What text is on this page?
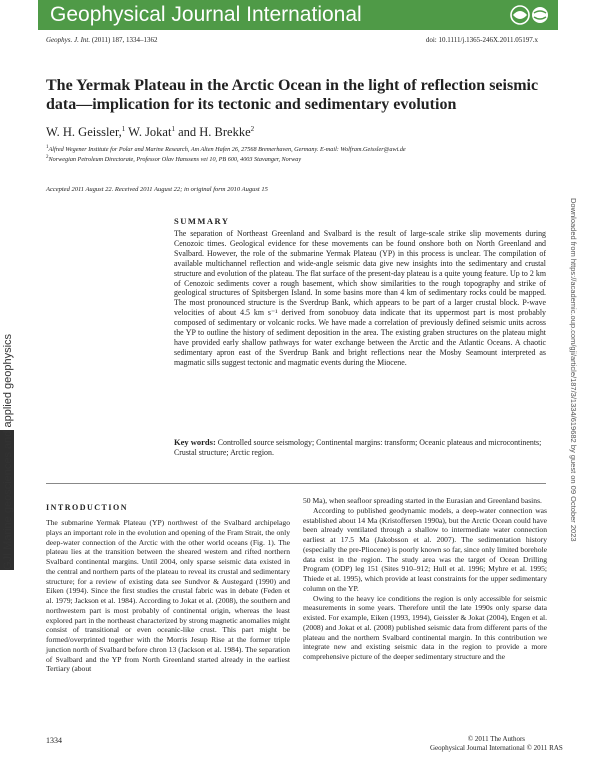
Geophysical Journal International
Geophys. J. Int. (2011) 187, 1334–1362	doi: 10.1111/j.1365-246X.2011.05197.x
The Yermak Plateau in the Arctic Ocean in the light of reflection seismic data—implication for its tectonic and sedimentary evolution
W. H. Geissler,$^1$ W. Jokat$^1$ and H. Brekke$^2$
$^1$Alfred Wegener Institute for Polar and Marine Research, Am Alten Hafen 26, 27568 Bremerhaven, Germany. E-mail: Wolfram.Geissler@awi.de
$^2$Norwegian Petroleum Directorate, Professor Olav Hanssens vei 10, PB 600, 4003 Stavanger, Norway
Accepted 2011 August 22. Received 2011 August 22; in original form 2010 August 15
GJI Marine geosciences and applied geophysics	Downloaded from https://academic.oup.com/gji/article/187/3/1334/619682 by guest on 09 October 2023
SUMMARY
The separation of Northeast Greenland and Svalbard is the result of large-scale strike slip movements during Cenozoic times. Geological evidence for these movements can be found onshore both on North Greenland and Svalbard. However, the role of the submarine Yermak Plateau (YP) in this process is unclear. The compilation of available multichannel reflection and wide-angle seismic data give new insights into the sedimentary and crustal structure and evolution of the plateau. The flat surface of the present-day plateau is a quite young feature. Up to 2 km of Cenozoic sediments cover a rough basement, which show similarities to the rough topography and strike of geological structures of Spitsbergen Island. In some basins more than 4 km of sedimentary rocks could be mapped. The most pronounced structure is the Sverdrup Bank, which appears to be part of a larger crustal block. P-wave velocities of about 4.5 km s⁻¹ derived from sonobuoy data indicate that its uppermost part is most probably composed of sedimentary or volcanic rocks. We have made a correlation of previously defined seismic units across the YP to outline the history of sediment deposition in the area. The existing graben structures on the plateau might have provided early shallow pathways for water exchange between the Arctic and the Atlantic Oceans. A chaotic sedimentary apron east of the Sverdrup Bank and bright reflections near the Mosby Seamount interpreted as magmatic sills suggest tectonic and magmatic events during the Miocene.
Key words: Controlled source seismology; Continental margins: transform; Oceanic plateaus and microcontinents; Crustal structure; Arctic region.
INTRODUCTION
The submarine Yermak Plateau (YP) northwest of the Svalbard archipelago plays an important role in the evolution and opening of the Fram Strait, the only deep-water connection of the Arctic with the other world oceans (Fig. 1). The plateau lies at the transition between the sheared western and rifted northern Svalbard continental margins. Until 2004, only sparse seismic data existed in the central and northern parts of the plateau to reveal its crustal and sedimentary structure; for a review of existing data see Sundvor & Austegard (1990) and Eiken (1994). Since the first studies the crustal fabric was in debate (Feden et al. 1979; Jackson et al. 1984). According to Jokat et al. (2008), the southern and northwestern part is most probably of continental origin, whereas the least explored part in the northeast characterized by strong magnetic anomalies might consist of transitional or even oceanic-like crust. This part might be formed/overprinted together with the Morris Jesup Rise at the former triple junction north of Svalbard before chron 13 (Jackson et al. 1984). The separation of Svalbard and the YP from North Greenland started already in the earliest Tertiary (about

50 Ma), when seafloor spreading started in the Eurasian and Greenland basins.

According to published geodynamic models, a deep-water connection was established about 14 Ma (Kristoffersen 1990a), but the Arctic Ocean could have been already ventilated through a shallow to intermediate water connection earliest at 17.5 Ma (Jakobsson et al. 2007). The sedimentation history (especially the pre-Pliocene) is poorly known so far, since only limited borehole data exist in the region. The study area was the target of Ocean Drilling Program (ODP) leg 151 (Sites 910–912; Hull et al. 1996; Myhre et al. 1995; Thiede et al. 1995), which provide at least constraints for the upper sedimentary column on the YP.

Owing to the heavy ice conditions the region is only accessible for seismic measurements in some years. Therefore until the late 1990s only sparse data existed. For example, Eiken (1993, 1994), Geissler & Jokat (2004), Engen et al. (2008) and Jokat et al. (2008) published seismic data from different parts of the plateau and the northern Svalbard continental margin. In this contribution we integrate new and existing seismic data in the region to provide a more comprehensive picture of the deeper sedimentary structure and the

1334	© 2011 The Authors
Geophysical Journal International © 2011 RAS
